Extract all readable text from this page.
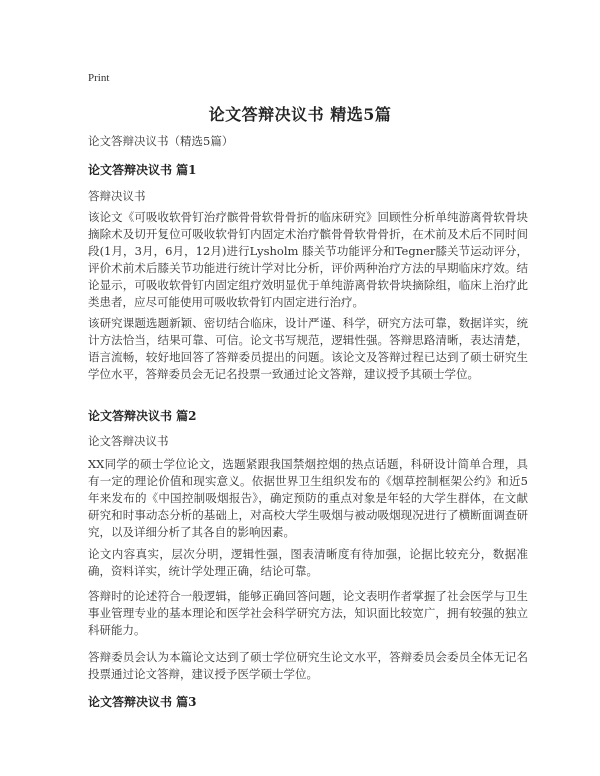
Print
论文答辩决议书 精选5篇
论文答辩决议书（精选5篇）
论文答辩决议书 篇1
答辩决议书

该论文《可吸收软骨钉治疗髌骨骨软骨骨折的临床研究》回顾性分析单纯游离骨软骨块摘除术及切开复位可吸收软骨钉内固定术治疗髌骨骨软骨骨折，在术前及术后不同时间段(1月，3月，6月，12月)进行Lysholm 膝关节功能评分和Tegner膝关节运动评分，评价术前术后膝关节功能进行统计学对比分析，评价两种治疗方法的早期临床疗效。结论显示，可吸收软骨钉内固定组疗效明显优于单纯游离骨软骨块摘除组，临床上治疗此类患者，应尽可能使用可吸收软骨钉内固定进行治疗。

该研究课题选题新颖、密切结合临床，设计严谨、科学，研究方法可靠，数据详实，统计方法恰当，结果可靠、可信。论文书写规范，逻辑性强。答辩思路清晰，表达清楚，语言流畅，较好地回答了答辩委员提出的问题。该论文及答辩过程已达到了硕士研究生学位水平，答辩委员会无记名投票一致通过论文答辩，建议授予其硕士学位。

论文答辩决议书 篇2
论文答辩决议书

XX同学的硕士学位论文，选题紧跟我国禁烟控烟的热点话题，科研设计简单合理，具有一定的理论价值和现实意义。依据世界卫生组织发布的《烟草控制框架公约》和近5年来发布的《中国控制吸烟报告》，确定预防的重点对象是年轻的大学生群体，在文献研究和时事动态分析的基础上，对高校大学生吸烟与被动吸烟现况进行了横断面调查研究，以及详细分析了其各自的影响因素。

论文内容真实，层次分明，逻辑性强，图表清晰度有待加强，论据比较充分，数据准确，资料详实，统计学处理正确，结论可靠。

答辩时的论述符合一般逻辑，能够正确回答问题，论文表明作者掌握了社会医学与卫生事业管理专业的基本理论和医学社会科学研究方法，知识面比较宽广，拥有较强的独立科研能力。

答辩委员会认为本篇论文达到了硕士学位研究生论文水平，答辩委员会委员全体无记名投票通过论文答辩，建议授予医学硕士学位。

论文答辩决议书 篇3
